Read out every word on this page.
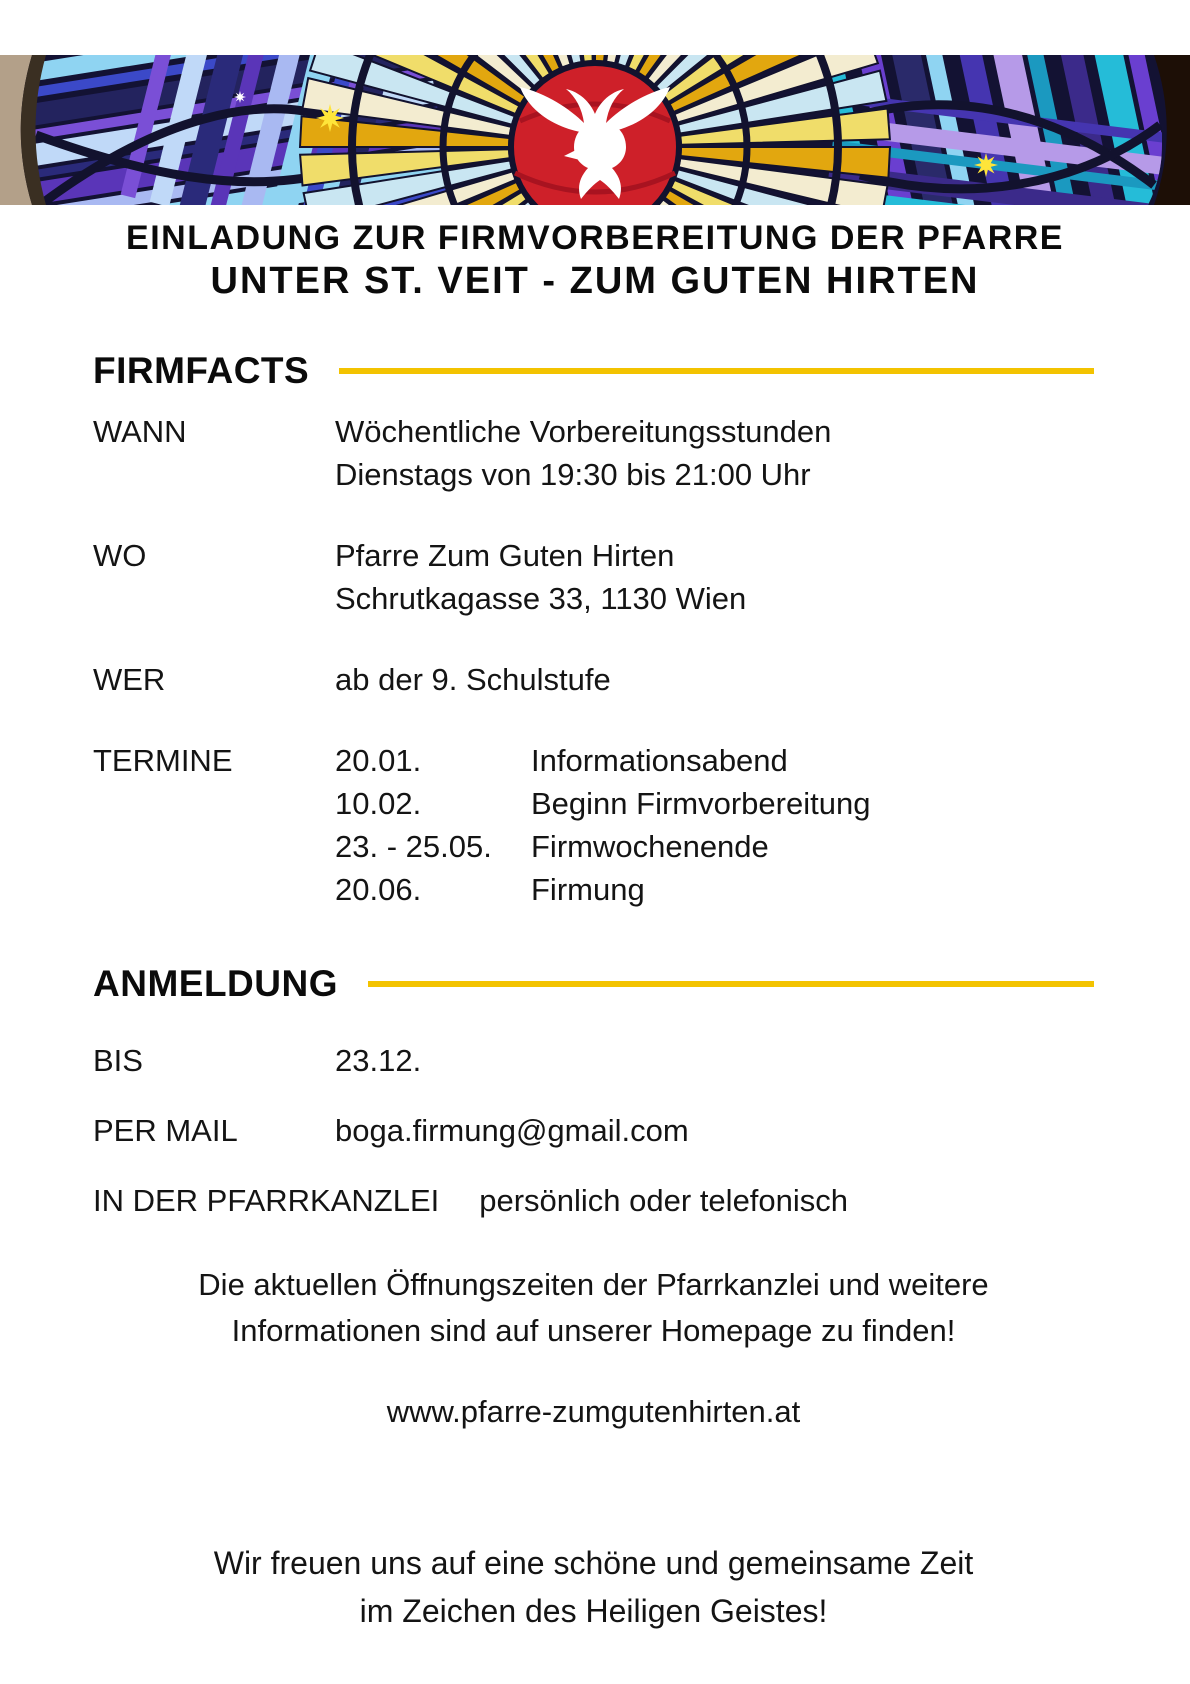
EINLADUNG ZUR FIRMVORBEREITUNG DER PFARRE
UNTER ST. VEIT - ZUM GUTEN HIRTEN
FIRMFACTS
WANN	Wöchentliche Vorbereitungsstunden
Dienstags von 19:30 bis 21:00 Uhr
WO	Pfarre Zum Guten Hirten
Schrutkagasse 33, 1130 Wien
WER	ab der 9. Schulstufe
TERMINE	20.01.	Informationsabend
10.02.	Beginn Firmvorbereitung
23. - 25.05.	Firmwochenende
20.06.	Firmung
ANMELDUNG
BIS	23.12.
PER MAIL	boga.firmung@gmail.com
IN DER PFARRKANZLEI persönlich oder telefonisch

Die aktuellen Öffnungszeiten der Pfarrkanzlei und weitere
Informationen sind auf unserer Homepage zu finden!

www.pfarre-zumgutenhirten.at

Wir freuen uns auf eine schöne und gemeinsame Zeit
im Zeichen des Heiligen Geistes!
